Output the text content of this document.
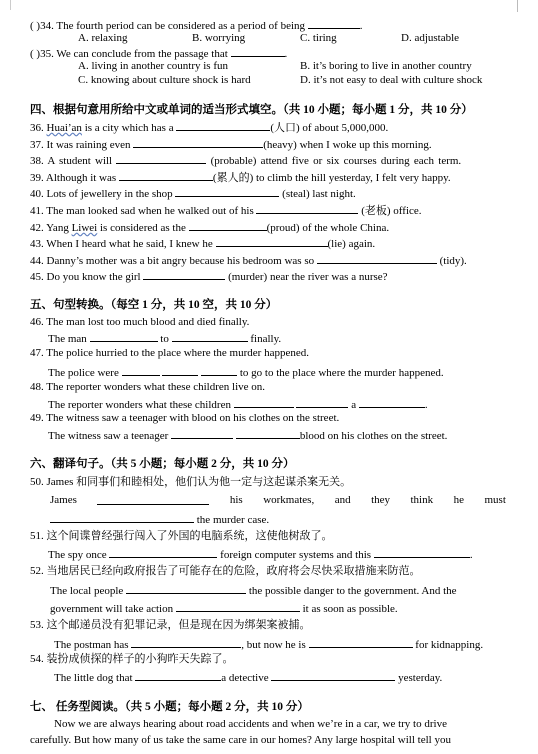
( )34. The fourth period can be considered as a period of being	.
A. relaxing	B. worrying	C. tiring	D. adjustable
( )35. We can conclude from the passage that	.
A. living in another country is fun	B. it’s boring to live in another country
C. knowing about culture shock is hard	D. it’s not easy to deal with culture shock
四、根据句意用所给中文或单词的适当形式填空。（共 10 小题；每小题 1 分，共 10 分）
36. Huai’an is a city which has a	(人口) of about 5,000,000.
37. It was raining even	(heavy) when I woke up this morning.
38. A student will	(probable) attend five or six courses during each term.
39. Although it was	(累人的) to climb the hill yesterday, I felt very happy.
40. Lots of jewellery in the shop	(steal) last night.
41. The man looked sad when he walked out of his	(老板) office.
42. Yang Liwei is considered as the	(proud) of the whole China.
43. When I heard what he said, I knew he	(lie) again.
44. Danny’s mother was a bit angry because his bedroom was so	(tidy).
45. Do you know the girl	(murder) near the river was a nurse?
五、句型转换。（每空 1 分，共 10 空，共 10 分）
46. The man lost too much blood and died finally.
The man	to	finally.
47. The police hurried to the place where the murder happened.
The police were	to go to the place where the murder happened.
48. The reporter wonders what these children live on.
The reporter wonders what these children	a	.
49. The witness saw a teenager with blood on his clothes on the street.
The witness saw a teenager	blood on his clothes on the street.
六、翻译句子。（共 5 小题；每小题 2 分，共 10 分）
50. James 和同事们和睦相处，他们认为他一定与这起谋杀案无关。
James	his workmates, and they think he must
the murder case.
51. 这个间谍曾经强行闯入了外国的电脑系统，这使他树敌了。
The spy once	foreign computer systems and this	.
52. 当地居民已经向政府报告了可能存在的危险，政府将会尽快采取措施来防范。
The local people	the possible danger to the government. And the
government will take action	it as soon as possible.
53. 这个邮递员没有犯罪记录，但是现在因为绑架案被捕。
The postman has	, but now he is	for kidnapping.
54. 装扮成侦探的样子的小狗昨天失踪了。
The little dog that	a detective	yesterday.
七、 任务型阅读。（共 5 小题；每小题 2 分，共 10 分）
Now we are always hearing about road accidents and when we’re in a car, we try to drive
carefully. But how many of us take the same care in our homes? Any large hospital will tell you
